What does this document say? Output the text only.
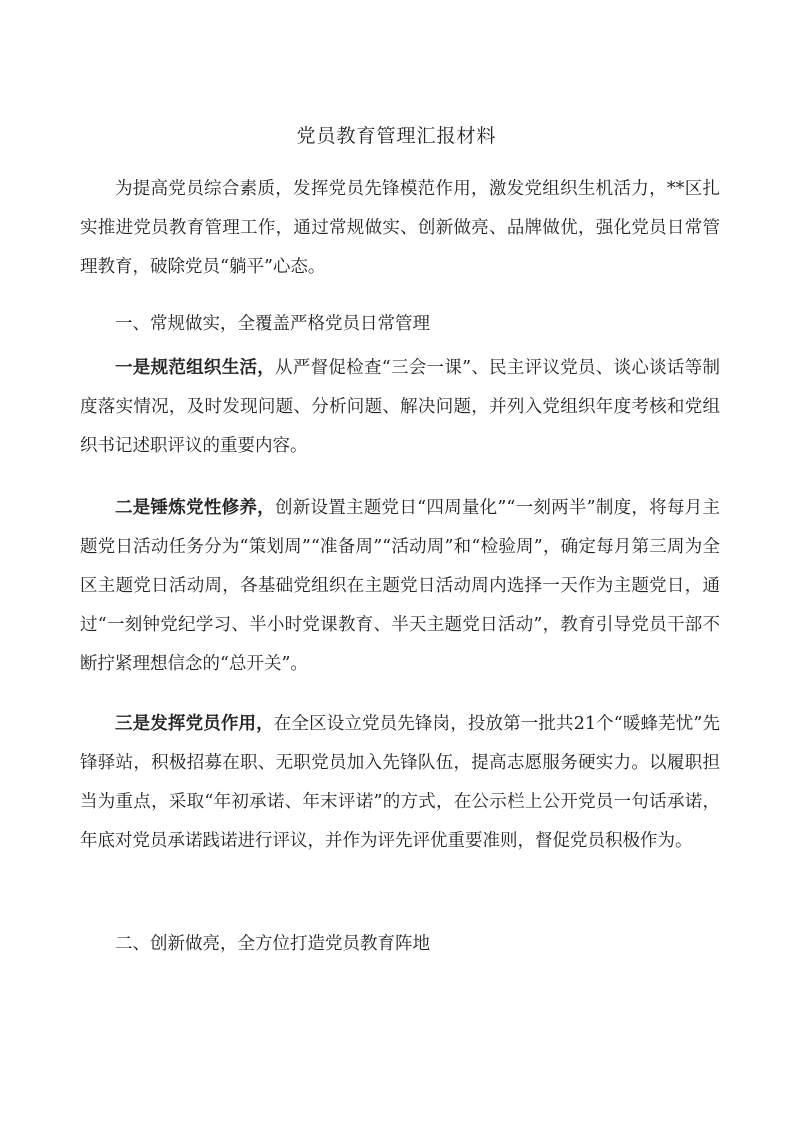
党员教育管理汇报材料

为提高党员综合素质，发挥党员先锋模范作用，激发党组织生机活力，**区扎实推进党员教育管理工作，通过常规做实、创新做亮、品牌做优，强化党员日常管理教育，破除党员“躺平”心态。

一、常规做实，全覆盖严格党员日常管理

一是规范组织生活，从严督促检查“三会一课”、民主评议党员、谈心谈话等制度落实情况，及时发现问题、分析问题、解决问题，并列入党组织年度考核和党组织书记述职评议的重要内容。

二是锤炼党性修养，创新设置主题党日“四周量化”“一刻两半”制度，将每月主题党日活动任务分为“策划周”“准备周”“活动周”和“检验周”，确定每月第三周为全区主题党日活动周，各基础党组织在主题党日活动周内选择一天作为主题党日，通过“一刻钟党纪学习、半小时党课教育、半天主题党日活动”，教育引导党员干部不断拧紧理想信念的“总开关”。

三是发挥党员作用，在全区设立党员先锋岗，投放第一批共21个“暖蜂芜忧”先锋驿站，积极招募在职、无职党员加入先锋队伍，提高志愿服务硬实力。以履职担当为重点，采取“年初承诺、年末评诺”的方式，在公示栏上公开党员一句话承诺，年底对党员承诺践诺进行评议，并作为评先评优重要准则，督促党员积极作为。

二、创新做亮，全方位打造党员教育阵地
